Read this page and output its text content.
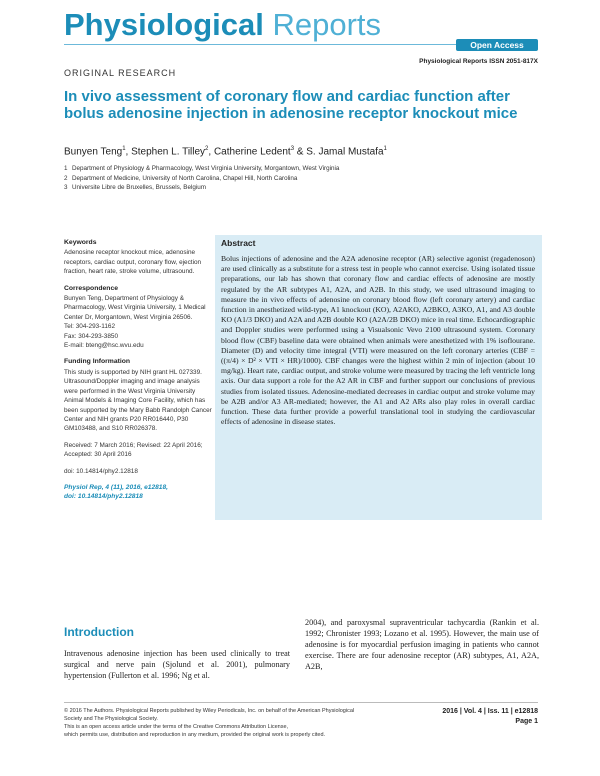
Physiological Reports
Open Access
Physiological Reports ISSN 2051-817X
ORIGINAL RESEARCH
In vivo assessment of coronary flow and cardiac function after bolus adenosine injection in adenosine receptor knockout mice
Bunyen Teng$^1$, Stephen L. Tilley$^2$, Catherine Ledent$^3$ & S. Jamal Mustafa$^1$
1 Department of Physiology & Pharmacology, West Virginia University, Morgantown, West Virginia
2 Department of Medicine, University of North Carolina, Chapel Hill, North Carolina
3 Universite Libre de Bruxelles, Brussels, Belgium
Keywords
Adenosine receptor knockout mice, adenosine receptors, cardiac output, coronary flow, ejection fraction, heart rate, stroke volume, ultrasound.
Correspondence
Bunyen Teng, Department of Physiology & Pharmacology, West Virginia University, 1 Medical Center Dr, Morgantown, West Virginia 26506.
Tel: 304-293-1162
Fax: 304-293-3850
E-mail: bteng@hsc.wvu.edu
Funding Information
This study is supported by NIH grant HL 027339. Ultrasound/Doppler imaging and image analysis were performed in the West Virginia University Animal Models & Imaging Core Facility, which has been supported by the Mary Babb Randolph Cancer Center and NIH grants P20 RR016440, P30 GM103488, and S10 RR026378.
Received: 7 March 2016; Revised: 22 April 2016; Accepted: 30 April 2016
doi: 10.14814/phy2.12818
Physiol Rep, 4 (11), 2016, e12818,
doi: 10.14814/phy2.12818
Abstract
Bolus injections of adenosine and the A2A adenosine receptor (AR) selective agonist (regadenoson) are used clinically as a substitute for a stress test in people who cannot exercise. Using isolated tissue preparations, our lab has shown that coronary flow and cardiac effects of adenosine are mostly regulated by the AR subtypes A1, A2A, and A2B. In this study, we used ultrasound imaging to measure the in vivo effects of adenosine on coronary blood flow (left coronary artery) and cardiac function in anesthetized wild-type, A1 knockout (KO), A2AKO, A2BKO, A3KO, A1, and A3 double KO (A1/3 DKO) and A2A and A2B double KO (A2A/2B DKO) mice in real time. Echocardiographic and Doppler studies were performed using a Visualsonic Vevo 2100 ultrasound system. Coronary blood flow (CBF) baseline data were obtained when animals were anesthetized with 1% isoflourane. Diameter (D) and velocity time integral (VTI) were measured on the left coronary arteries (CBF = ((π/4) × D² × VTI × HR)/1000). CBF changes were the highest within 2 min of injection (about 10 mg/kg). Heart rate, cardiac output, and stroke volume were measured by tracing the left ventricle long axis. Our data support a role for the A2 AR in CBF and further support our conclusions of previous studies from isolated tissues. Adenosine-mediated decreases in cardiac output and stroke volume may be A2B and/or A3 AR-mediated; however, the A1 and A2 ARs also play roles in overall cardiac function. These data further provide a powerful translational tool in studying the cardiovascular effects of adenosine in disease states.
Introduction
Intravenous adenosine injection has been used clinically to treat surgical and nerve pain (Sjolund et al. 2001), pulmonary hypertension (Fullerton et al. 1996; Ng et al.
2004), and paroxysmal supraventricular tachycardia (Rankin et al. 1992; Chronister 1993; Lozano et al. 1995). However, the main use of adenosine is for myocardial perfusion imaging in patients who cannot exercise. There are four adenosine receptor (AR) subtypes, A1, A2A, A2B,
© 2016 The Authors. Physiological Reports published by Wiley Periodicals, Inc. on behalf of the American Physiological Society and The Physiological Society.
This is an open access article under the terms of the Creative Commons Attribution License,
which permits use, distribution and reproduction in any medium, provided the original work is properly cited.
2016 | Vol. 4 | Iss. 11 | e12818
Page 1
